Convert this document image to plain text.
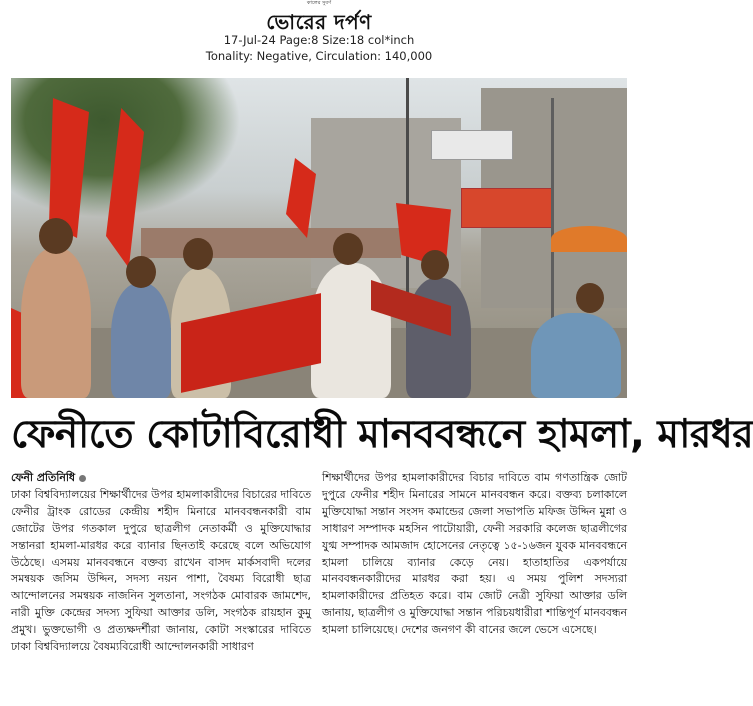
কালের সুবর্ণ
ভোরের দর্পণ
17-Jul-24 Page:8 Size:18 col*inch
Tonality: Negative, Circulation: 140,000
ফেনীতে কোটাবিরোধী মানববন্ধনে হামলা, মারধর
ফেনী প্রতিনিধি

ঢাকা বিশ্ববিদ্যালয়ের শিক্ষার্থীদের উপর হামলাকারীদের বিচারের দাবিতে ফেনীর ট্রাংক রোডের কেন্দ্রীয় শহীদ মিনারে মানববন্ধনকারী বাম জোটের উপর গতকাল দুপুরে ছাত্রলীগ নেতাকর্মী ও মুক্তিযোদ্ধার সন্তানরা হামলা-মারধর করে ব্যানার ছিনতাই করেছে বলে অভিযোগ উঠেছে। এসময় মানববন্ধনে বক্তব্য রাখেন বাসদ মার্কসবাদী দলের সমন্বয়ক জসিম উদ্দিন, সদস্য নয়ন পাশা, বৈষম্য বিরোধী ছাত্র আন্দোলনের সমন্বয়ক নাজনিন সুলতানা, সংগঠক মোবারক জামশেদ, নারী মুক্তি কেন্দ্রের সদস্য সুফিয়া আক্তার ডলি, সংগঠক রায়হান কুমু প্রমুখ। ভুক্তভোগী ও প্রত্যক্ষদর্শীরা জানায়, কোটা সংস্কারের দাবিতে ঢাকা বিশ্ববিদ্যালয়ে বৈষম্যবিরোধী আন্দোলনকারী সাধারণ

শিক্ষার্থীদের উপর হামলাকারীদের বিচার দাবিতে বাম গণতান্ত্রিক জোট দুপুরে ফেনীর শহীদ মিনারের সামনে মানববন্ধন করে। বক্তব্য চলাকালে মুক্তিযোদ্ধা সন্তান সংসদ কমান্ডের জেলা সভাপতি মফিজ উদ্দিন মুন্না ও সাধারণ সম্পাদক মহসিন পাটোয়ারী, ফেনী সরকারি কলেজ ছাত্রলীগের যুগ্ম সম্পাদক আমজাদ হোসেনের নেতৃত্বে ১৫-১৬জন যুবক মানববন্ধনে হামলা চালিয়ে ব্যানার কেড়ে নেয়। হাতাহাতির একপর্যায়ে মানববন্ধনকারীদের মারধর করা হয়। এ সময় পুলিশ সদস্যরা হামলাকারীদের প্রতিহত করে। বাম জোট নেত্রী সুফিয়া আক্তার ডলি জানায়, ছাত্রলীগ ও মুক্তিযোদ্ধা সন্তান পরিচয়ধারীরা শান্তিপূর্ণ মানববন্ধন হামলা চালিয়েছে। দেশের জনগণ কী বানের জলে ভেসে এসেছে।
